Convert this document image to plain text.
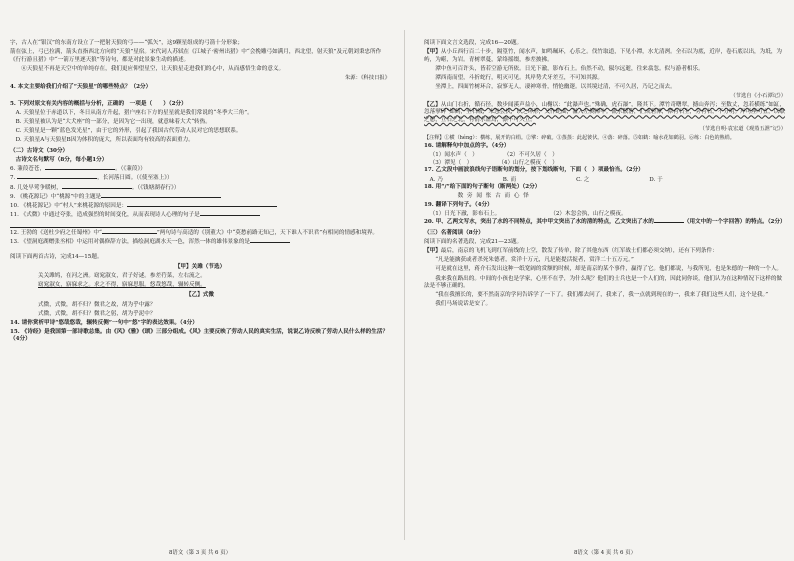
字，古人在“银汉”的东南方设立了一把射天狼的弓——“弧矢”，这9颗星组成的弓箭十分形象；

箭在弦上，弓已拉满，箭头直指西北方向的“天狼”星宿。宋代词人苏轼在《江城子·密州出猎》中“会挽雕弓如满月，西北望，射天狼”及元朝刘秉忠所作《行行游且猎》中“一箭万里逐天狼”等诗句，都是对此景象生动的描述。

⑥天狼星不再是天空中的单纯存在，我们更应仰望星空，让天狼星走进我们的心中，从而感悟生命的意义。

朱源：《科技日报》

4. 本文主要给我们介绍了“天狼星”的哪些特点？（2分）

5. 下列对原文有关内容的概括与分析，正确的　一项是（　　）（2分）

A. 天狼星位于赤道以下，冬日从南方升起，猎户座右下方的星星就是我们常说的“冬季大三角”。

B. 天狼星被认为是“大犬座”的一部分，是因为它一出现，就意味着大犬“转热。

C. 天狼星是一颗“蓝色发光星”，由于它的外形，引起了我国古代劳动人民对它的思想联系。

D. 天狼星A与天狼星B因为体积的庞大，所以表面均有较高的表面重力。

（二）古诗文（30分）

古诗文名句默写（8分，每小题1分）

6. 蒹葭苍苍，	。（《蒹葭》）

7.	，长河落日圆。（《使至塞上》）

8. 几处早莺争暖树，	。（《钱塘湖春行》）

9. 《桃花源记》中“桃源”中的主题是

10. 《桃花源记》中“村人”来桃花源的原因是：

11. 《式微》中通过夸张，造成强烈的时间变化，从而表现诗人心理的句子是

12. 王勃的《送杜少府之任蜀州》中“	”两句诗与高适的《别董大》中“莫愁前路无知己，天下谁人不识君”有相同的情感和境界。

13. 《望洞庭湖赠张丞相》中运用对偶修辞方法，描绘洞庭湖水天一色，浑然一体的雄伟景象的是

阅读下面两首古诗，完成14—15题。

【甲】关雎（节选）

关关雎鸠，在河之洲。窈窕淑女，君子好逑。参差荇菜，左右流之。

窈窕淑女，寤寐求之。求之不得，寤寐思服。悠哉悠哉，辗转反侧。

【乙】式微

式微，式微，胡不归？微君之故，胡为乎中露？

式微，式微，胡不归？微君之躬，胡为乎泥中？

14. 请你赏析甲诗“悠哉悠哉，辗转反侧”一句中“悠”字的表达效果。（4分）

15. 《诗经》是我国第一部诗歌总集。由《风》《雅》《颂》三部分组成。《风》主要反映了劳动人民的真实生活，说说乙诗反映了劳动人民什么样的生活？（4分）

8语文（第 3 页 共 6 页）

阅读下面文言文选段，完成16—20题。

【甲】从小丘西行百二十步，隔篁竹，闻水声，如鸣珮环，心乐之。伐竹取道，下见小潭，水尤清冽。全石以为底，近岸，卷石底以出，为坻，为屿，为嵁，为岩。青树翠蔓，蒙络摇缀，参差披拂。

潭中鱼可百许头，皆若空游无所依。日光下澈，影布石上。佁然不动，俶尔远逝，往来翕忽。似与游者相乐。

潭西南而望，斗折蛇行，明灭可见。其岸势犬牙差互，不可知其源。

坐潭上，四面竹树环合，寂寥无人，凄神寒骨，悄怆幽邃。以其境过清，不可久居，乃记之而去。

（节选自《小石潭记》）

【乙】从山门右折，循石径，数步闻溪声益小，山榭以：“此瀑声也。”殊确，虎石瀑”，隆其下。潭竹奇曙翠，撼山奔泻；至数丈，忽若横练“如缸，忽落擘碎“如鹤，至石级，未忽会执，以之环形，又作蛇曲，溢入左侧潭中。流水散落，汇成碧潭，潭有石生，旁有石，不分明。岸可座可宜，以歇之憩，立石之北，有清水盈焉，凛不可久立。

（节选自明·袁宏道《观蒸五泄”记》）

【注释】①横（héng）：横练，展开的白绢。②擘：碎破。③蒸蒸：此起彼伏。④落：碎落。⑤如鹤：喻水花如鹤羽。⑥练：白色的熟绢。

16. 请解释句中加点的字。（4分）

（1）闻水声（　）	（2）不可久居（　）
（3）潭见（　）	（4）山行之模夜（　）

17. 乙文段中画波浪线句子语断句的划分，按下划线断句，下面（　）项最恰当。（2分）

A. 乃	B. 而	C. 之	D. 于

18. 用“/”给下面的句子断句（断两处）（2分）

数 旁 闻 怅 古 而 心 怿

19. 翻译下列句子。（4分）

（1）日光下澈，影布石上。	（2）木忽会执，山行之模夜。

20. 甲、乙两文写水，突出了水的不同特点，其中甲文突出了水的清的特点，乙文突出了水的	（用文中的一个字回答）的特点。（2分）

（三）名著阅读（8分）

阅读下面的名著选段，完成21—23题。

【甲】最后，南京的飞机飞到红军前线的上空，散发了传单，除了其他东西（红军战士们都必须交纳），还有下列条件：

“凡是能擒获或者杀死朱德者，赏洋十万元，凡是能提活捉者，赏洋二十五万元。”

可是就在这里，蒋介石发出这种一纸宽阔的赏额的时候，却是南京的某个事件，赢得了它。他们都说，与我所见，也是朱德的一种的一个人。

我来我在路出的。中间的小孩也是学家，心里不在乎，为什么呢？他们的士兵也是一个人们的，因此同你谈，他们认为在这种情况下这样的做法是不够正确的。

“我在我擅长的，要不然南京的学问告诉学了一下了。我们都去问了，我来了，我一点就到现在的一，我来了我们这些人们，这个是我。”

我们马场说话是安了。

8语文（第 4 页 共 6 页）
